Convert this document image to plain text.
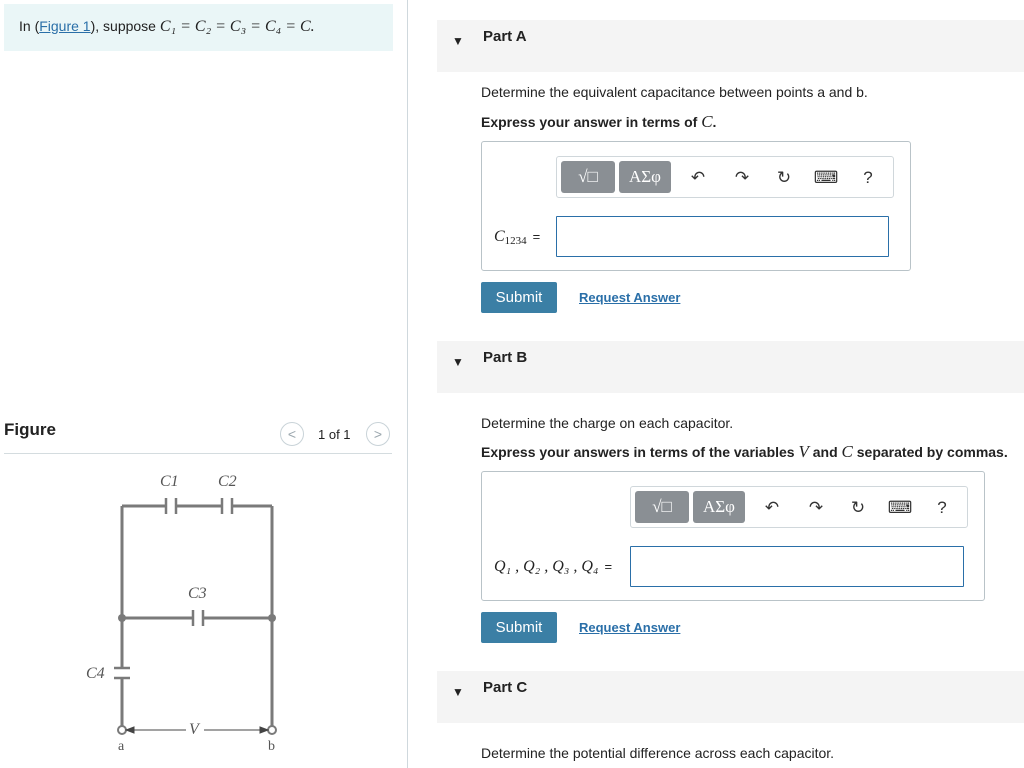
In (Figure 1), suppose C₁ = C₂ = C₃ = C₄ = C.
Figure	<	1 of 1	>
C1 C2
C3
C4
V
a	b
▼ Part A
Determine the equivalent capacitance between points a and b.
Express your answer in terms of C.
√□	ΑΣφ	↶	↷	↻	⌨	?
$C_{1234}$ =
Submit	Request Answer
▼ Part B
Determine the charge on each capacitor.
Express your answers in terms of the variables V and C separated by commas.
√□	ΑΣφ	↶	↷	↻	⌨	?
Q₁ , Q₂ , Q₃ , Q₄ =
Submit	Request Answer
▼ Part C
Determine the potential difference across each capacitor.
